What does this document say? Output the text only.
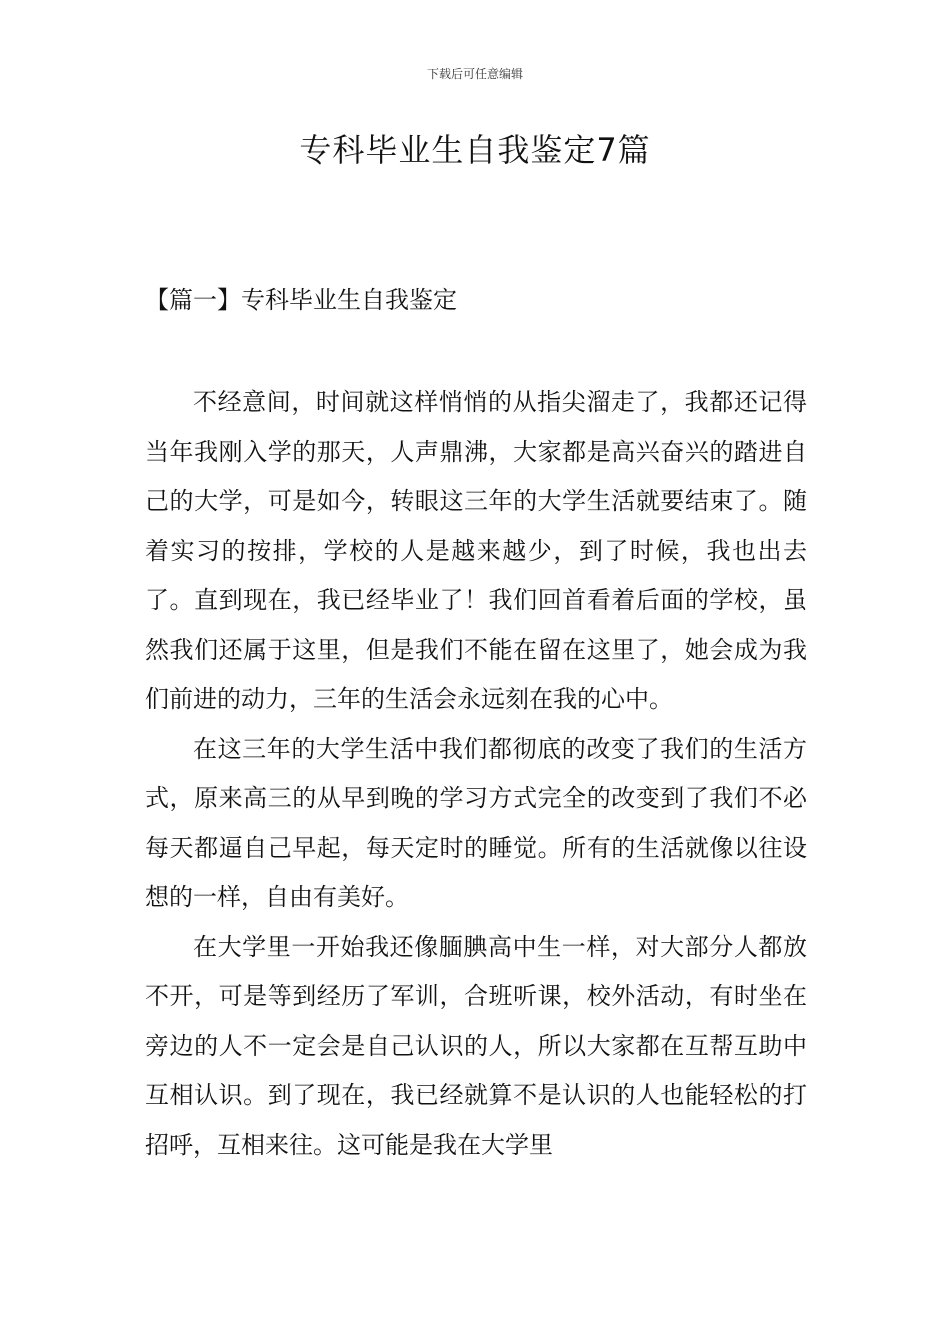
下载后可任意编辑
专科毕业生自我鉴定7篇
【篇一】专科毕业生自我鉴定

不经意间，时间就这样悄悄的从指尖溜走了，我都还记得当年我刚入学的那天，人声鼎沸，大家都是高兴奋兴的踏进自己的大学，可是如今，转眼这三年的大学生活就要结束了。随着实习的按排，学校的人是越来越少，到了时候，我也出去了。直到现在，我已经毕业了！我们回首看着后面的学校，虽然我们还属于这里，但是我们不能在留在这里了，她会成为我们前进的动力，三年的生活会永远刻在我的心中。

在这三年的大学生活中我们都彻底的改变了我们的生活方式，原来高三的从早到晚的学习方式完全的改变到了我们不必每天都逼自己早起，每天定时的睡觉。所有的生活就像以往设想的一样，自由有美好。

在大学里一开始我还像腼腆高中生一样，对大部分人都放不开，可是等到经历了军训，合班听课，校外活动，有时坐在旁边的人不一定会是自己认识的人，所以大家都在互帮互助中互相认识。到了现在，我已经就算不是认识的人也能轻松的打招呼，互相来往。这可能是我在大学里
